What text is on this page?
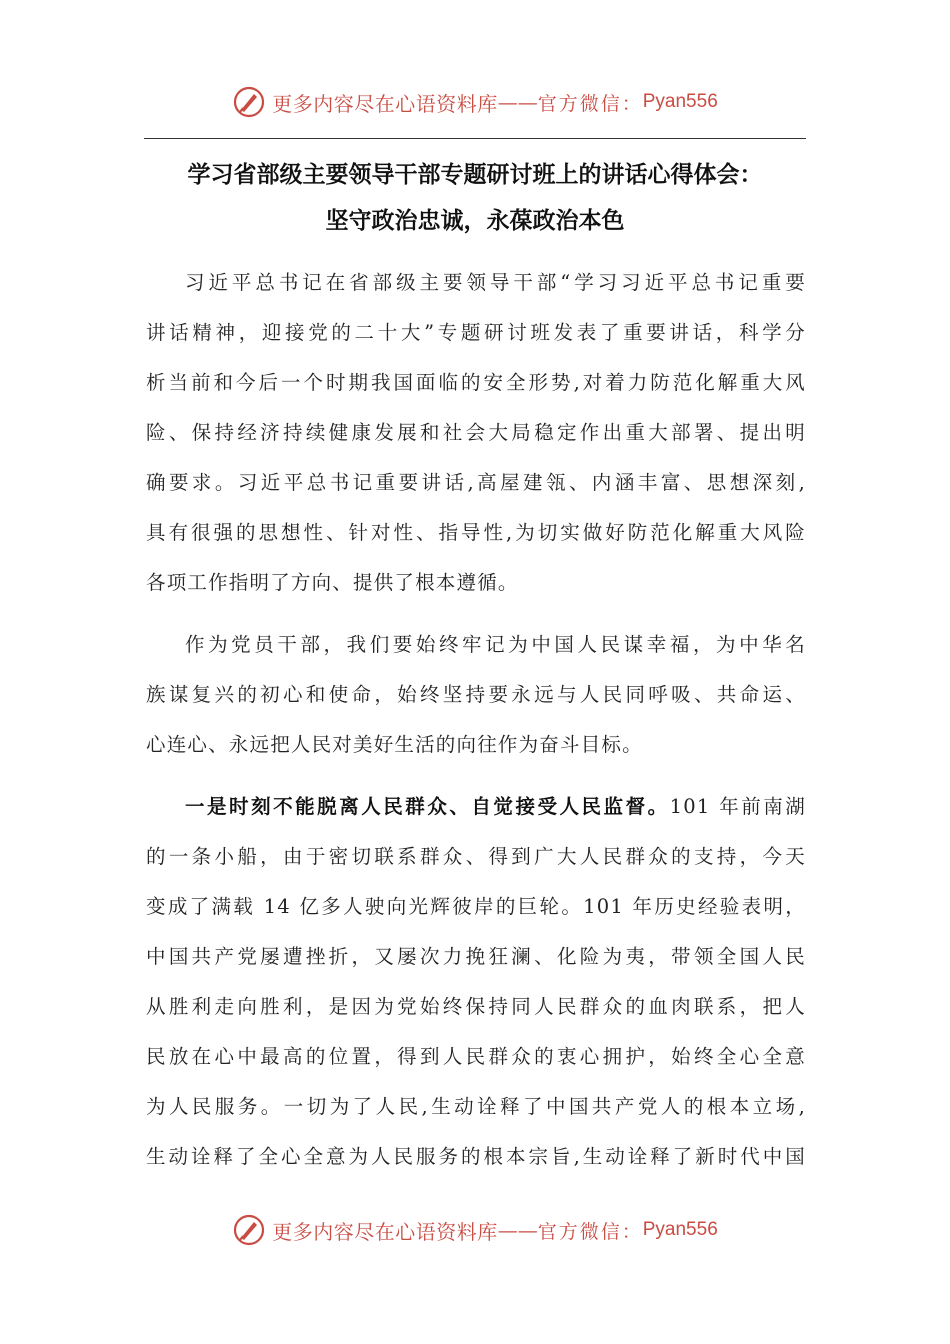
更多内容尽在心语资料库 —— 官方微信： Pyan556
学习省部级主要领导干部专题研讨班上的讲话心得体会：
坚守政治忠诚，永葆政治本色
习近平总书记在省部级主要领导干部“学习习近平总书记重要
讲话精神，迎接党的二十大”专题研讨班发表了重要讲话，科学分
析当前和今后一个时期我国面临的安全形势,对着力防范化解重大风
险、保持经济持续健康发展和社会大局稳定作出重大部署、提出明
确要求。习近平总书记重要讲话,高屋建瓴、内涵丰富、思想深刻,
具有很强的思想性、针对性、指导性,为切实做好防范化解重大风险
各项工作指明了方向、提供了根本遵循。
作为党员干部，我们要始终牢记为中国人民谋幸福，为中华名
族谋复兴的初心和使命，始终坚持要永远与人民同呼吸、共命运、
心连心、永远把人民对美好生活的向往作为奋斗目标。
一是时刻不能脱离人民群众、自觉接受人民监督。101 年前南湖
的一条小船，由于密切联系群众、得到广大人民群众的支持，今天
变成了满载 14 亿多人驶向光辉彼岸的巨轮。101 年历史经验表明，
中国共产党屡遭挫折，又屡次力挽狂澜、化险为夷，带领全国人民
从胜利走向胜利，是因为党始终保持同人民群众的血肉联系，把人
民放在心中最高的位置，得到人民群众的衷心拥护，始终全心全意
为人民服务。一切为了人民,生动诠释了中国共产党人的根本立场,
生动诠释了全心全意为人民服务的根本宗旨,生动诠释了新时代中国
更多内容尽在心语资料库 —— 官方微信： Pyan556
